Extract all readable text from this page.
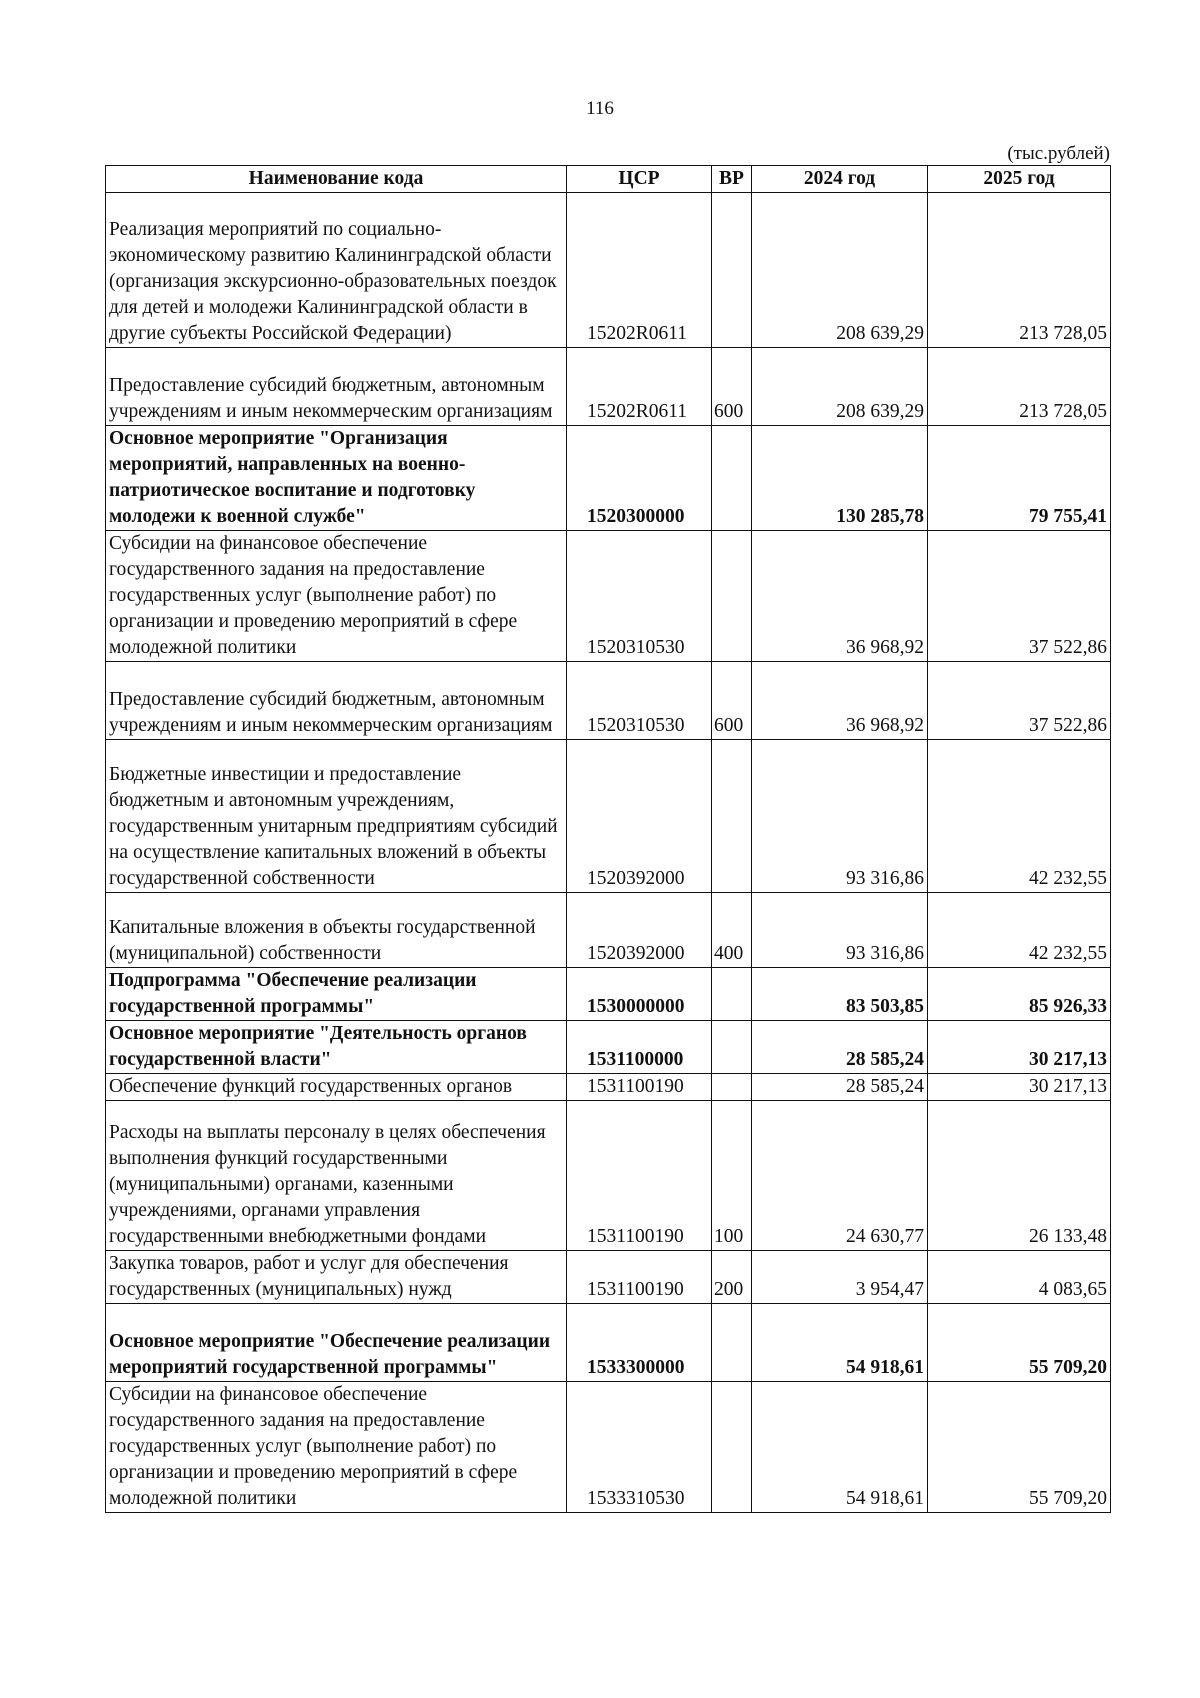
116
(тыс.рублей)
Наименование кода	ЦСР	ВР	2024 год	2025 год
Реализация мероприятий по социально-экономическому развитию Калининградской области (организация экскурсионно-образовательных поездок для детей и молодежи Калининградской области в другие субъекты Российской Федерации)	15202R0611		208 639,29	213 728,05
Предоставление субсидий бюджетным, автономным учреждениям и иным некоммерческим организациям	15202R0611	600	208 639,29	213 728,05
Основное мероприятие "Организация мероприятий, направленных на военно-патриотическое воспитание и подготовку молодежи к военной службе"	1520300000		130 285,78	79 755,41
Субсидии на финансовое обеспечение государственного задания на предоставление государственных услуг (выполнение работ) по организации и проведению мероприятий в сфере молодежной политики	1520310530		36 968,92	37 522,86
Предоставление субсидий бюджетным, автономным учреждениям и иным некоммерческим организациям	1520310530	600	36 968,92	37 522,86
Бюджетные инвестиции и предоставление бюджетным и автономным учреждениям, государственным унитарным предприятиям субсидий на осуществление капитальных вложений в объекты государственной собственности	1520392000		93 316,86	42 232,55
Капитальные вложения в объекты государственной (муниципальной) собственности	1520392000	400	93 316,86	42 232,55
Подпрограмма "Обеспечение реализации государственной программы"	1530000000		83 503,85	85 926,33
Основное мероприятие "Деятельность органов государственной власти"	1531100000		28 585,24	30 217,13
Обеспечение функций государственных органов	1531100190		28 585,24	30 217,13
Расходы на выплаты персоналу в целях обеспечения выполнения функций государственными (муниципальными) органами, казенными учреждениями, органами управления государственными внебюджетными фондами	1531100190	100	24 630,77	26 133,48
Закупка товаров, работ и услуг для обеспечения государственных (муниципальных) нужд	1531100190	200	3 954,47	4 083,65
Основное мероприятие "Обеспечение реализации мероприятий государственной программы"	1533300000		54 918,61	55 709,20
Субсидии на финансовое обеспечение государственного задания на предоставление государственных услуг (выполнение работ) по организации и проведению мероприятий в сфере молодежной политики	1533310530		54 918,61	55 709,20
